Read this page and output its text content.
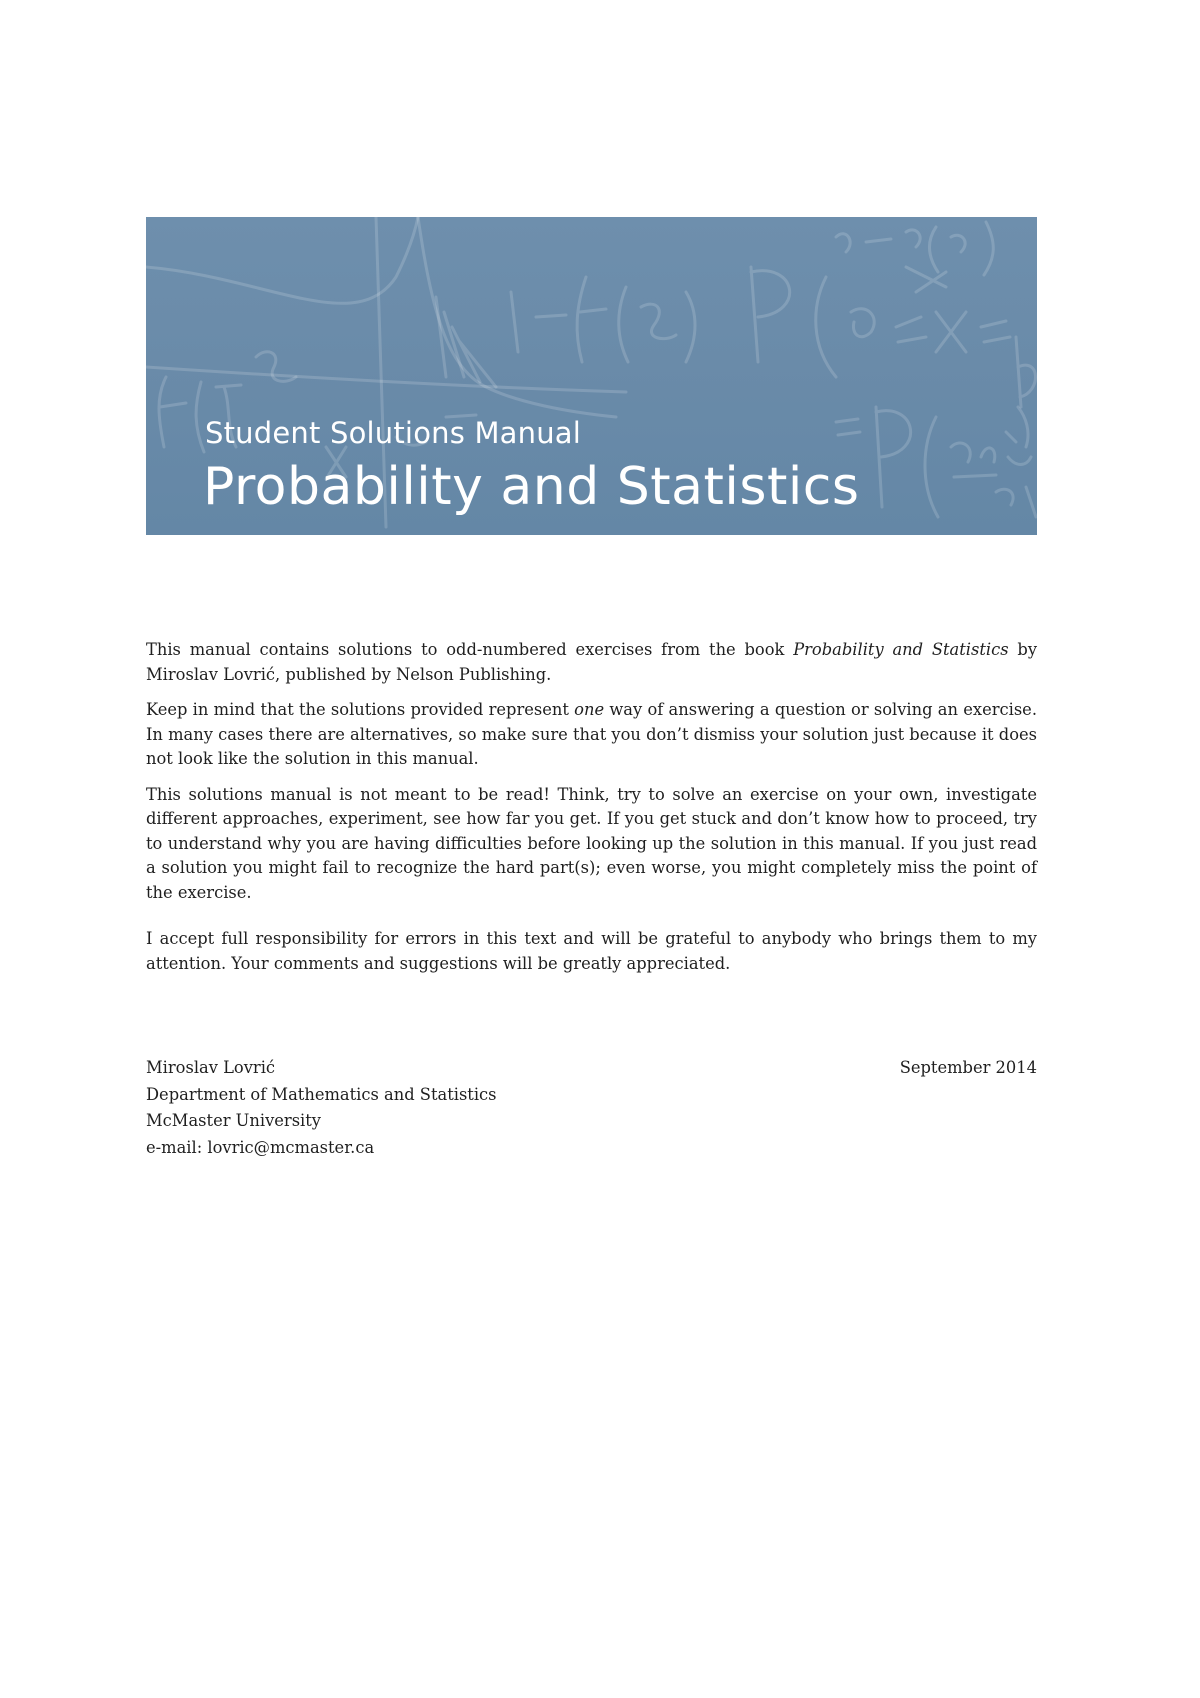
Student Solutions Manual
Probability and Statistics

This manual contains solutions to odd-numbered exercises from the book Probability and Statistics by Miroslav Lovrić, published by Nelson Publishing.

Keep in mind that the solutions provided represent one way of answering a question or solving an exercise. In many cases there are alternatives, so make sure that you don’t dismiss your solution just because it does not look like the solution in this manual.

This solutions manual is not meant to be read! Think, try to solve an exercise on your own, investigate different approaches, experiment, see how far you get. If you get stuck and don’t know how to proceed, try to understand why you are having difficulties before looking up the solution in this manual. If you just read a solution you might fail to recognize the hard part(s); even worse, you might completely miss the point of the exercise.

I accept full responsibility for errors in this text and will be grateful to anybody who brings them to my attention. Your comments and suggestions will be greatly appreciated.

Miroslav Lovrić
Department of Mathematics and Statistics
McMaster University
e-mail: lovric@mcmaster.ca
September 2014
